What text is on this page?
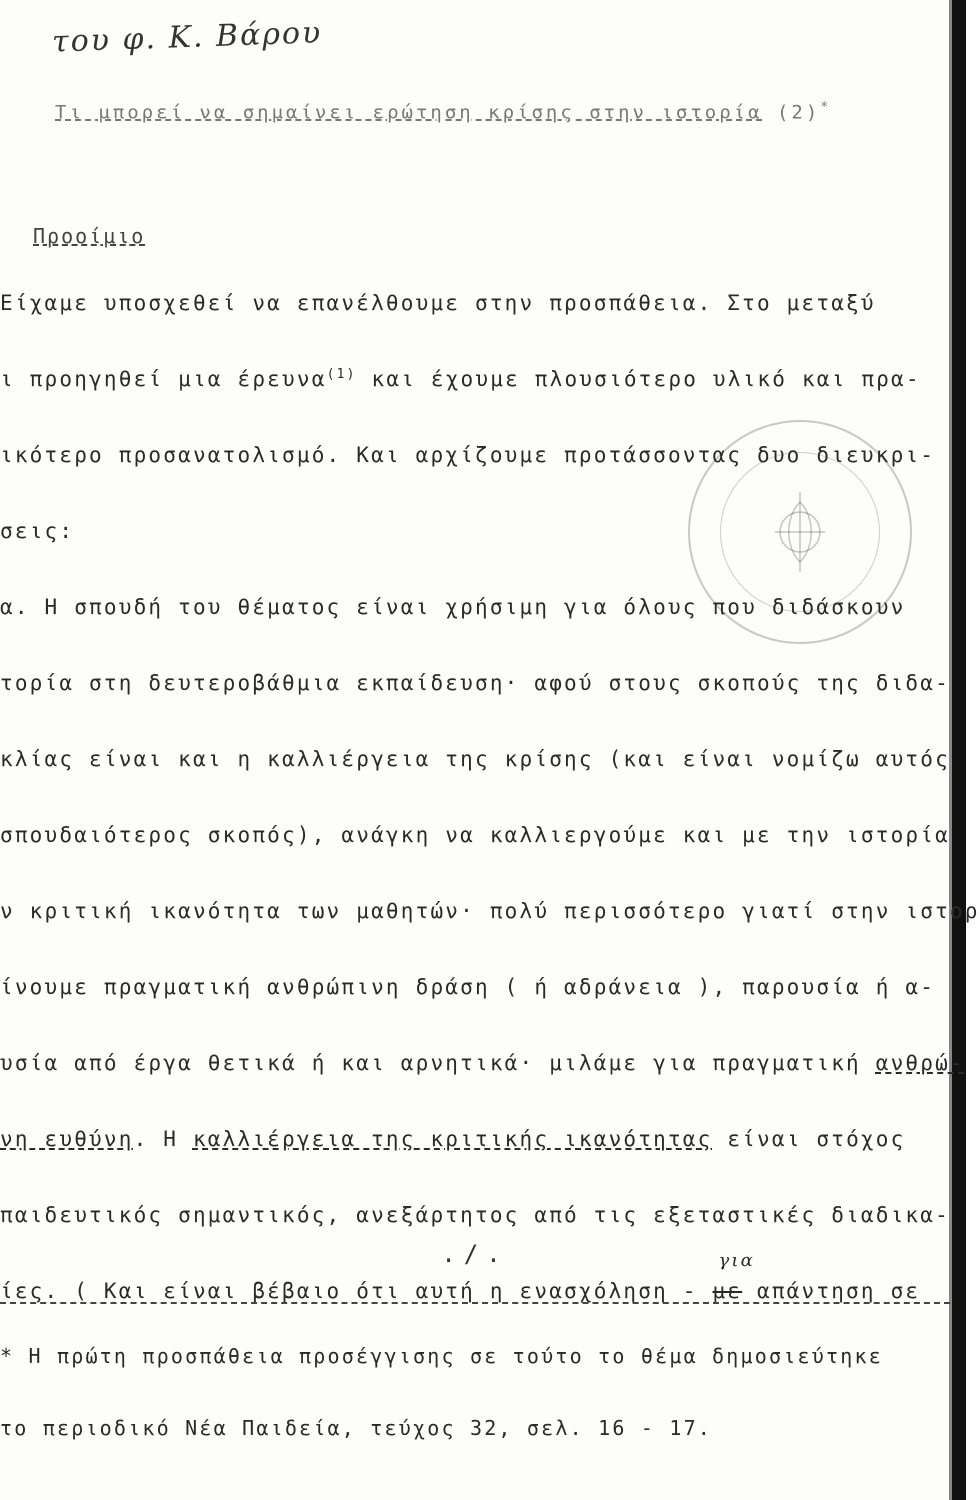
του φ. Κ. Βάρου
Τι μπορεί να σημαίνει ερώτηση κρίσης στην ιστορία (2)*
Προοίμιο
Είχαμε υποσχεθεί να επανέλθουμε στην προσπάθεια. Στο μεταξύ
ι προηγηθεί μια έρευνα$^{(1)}$ και έχουμε πλουσιότερο υλικό και πρα-
ικότερο προσανατολισμό. Και αρχίζουμε προτάσσοντας δυο διευκρι-
σεις:
α. Η σπουδή του θέματος είναι χρήσιμη για όλους που διδάσκουν
τορία στη δευτεροβάθμια εκπαίδευση· αφού στους σκοπούς της διδα-
κλίας είναι και η καλλιέργεια της κρίσης (και είναι νομίζω αυτός
σπουδαιότερος σκοπός), ανάγκη να καλλιεργούμε και με την ιστορία
ν κριτική ικανότητα των μαθητών· πολύ περισσότερο γιατί στην ιστορ
ίνουμε πραγματική ανθρώπινη δράση ( ή αδράνεια ), παρουσία ή α-
υσία από έργα θετικά ή και αρνητικά· μιλάμε για πραγματική ανθρώ-
νη ευθύνη. Η καλλιέργεια της κριτικής ικανότητας είναι στόχος
παιδευτικός σημαντικός, ανεξάρτητος από τις εξεταστικές διαδικα-
ίες. ( Και είναι βέβαιο ότι αυτή η ενασχόληση -
για
με απάντηση σε
./.
* Η πρώτη προσπάθεια προσέγγισης σε τούτο το θέμα δημοσιεύτηκε
το περιοδικό Νέα Παιδεία, τεύχος 32, σελ. 16 - 17.
